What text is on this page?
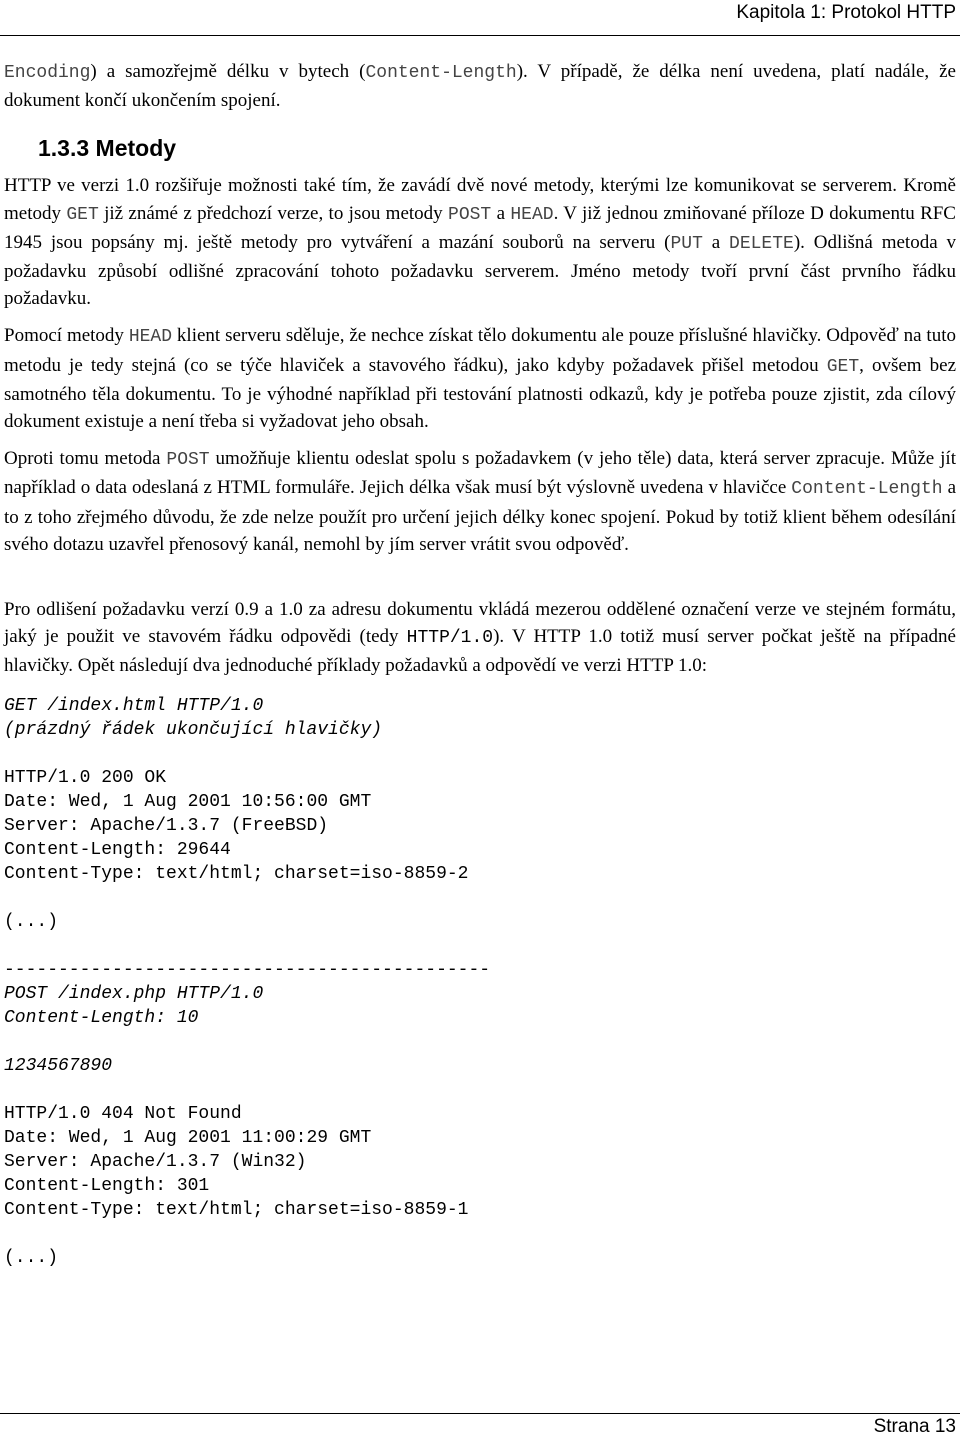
Kapitola 1: Protokol HTTP

Encoding) a samozřejmě délku v bytech (Content-Length). V případě, že délka není uvedena, platí nadále, že dokument končí ukončením spojení.

1.3.3 Metody

HTTP ve verzi 1.0 rozšiřuje možnosti také tím, že zavádí dvě nové metody, kterými lze komunikovat se serverem. Kromě metody GET již známé z předchozí verze, to jsou metody POST a HEAD. V již jednou zmiňované příloze D dokumentu RFC 1945 jsou popsány mj. ještě metody pro vytváření a mazání souborů na serveru (PUT a DELETE). Odlišná metoda v požadavku způsobí odlišné zpracování tohoto požadavku serverem. Jméno metody tvoří první část prvního řádku požadavku.

Pomocí metody HEAD klient serveru sděluje, že nechce získat tělo dokumentu ale pouze příslušné hlavičky. Odpověď na tuto metodu je tedy stejná (co se týče hlaviček a stavového řádku), jako kdyby požadavek přišel metodou GET, ovšem bez samotného těla dokumentu. To je výhodné například při testování platnosti odkazů, kdy je potřeba pouze zjistit, zda cílový dokument existuje a není třeba si vyžadovat jeho obsah.

Oproti tomu metoda POST umožňuje klientu odeslat spolu s požadavkem (v jeho těle) data, která server zpracuje. Může jít například o data odeslaná z HTML formuláře. Jejich délka však musí být výslovně uvedena v hlavičce Content-Length a to z toho zřejmého důvodu, že zde nelze použít pro určení jejich délky konec spojení. Pokud by totiž klient během odesílání svého dotazu uzavřel přenosový kanál, nemohl by jím server vrátit svou odpověď.

Pro odlišení požadavku verzí 0.9 a 1.0 za adresu dokumentu vkládá mezerou oddělené označení verze ve stejném formátu, jaký je použit ve stavovém řádku odpovědi (tedy HTTP/1.0). V HTTP 1.0 totiž musí server počkat ještě na případné hlavičky. Opět následují dva jednoduché příklady požadavků a odpovědí ve verzi HTTP 1.0:

GET /index.html HTTP/1.0
(prázdný řádek ukončující hlavičky)
HTTP/1.0 200 OK
Date: Wed, 1 Aug 2001 10:56:00 GMT
Server: Apache/1.3.7 (FreeBSD)
Content-Length: 29644
Content-Type: text/html; charset=iso-8859-2
(...)
---------------------------------------------
POST /index.php HTTP/1.0
Content-Length: 10
1234567890
HTTP/1.0 404 Not Found
Date: Wed, 1 Aug 2001 11:00:29 GMT
Server: Apache/1.3.7 (Win32)
Content-Length: 301
Content-Type: text/html; charset=iso-8859-1
(...)
Strana 13
